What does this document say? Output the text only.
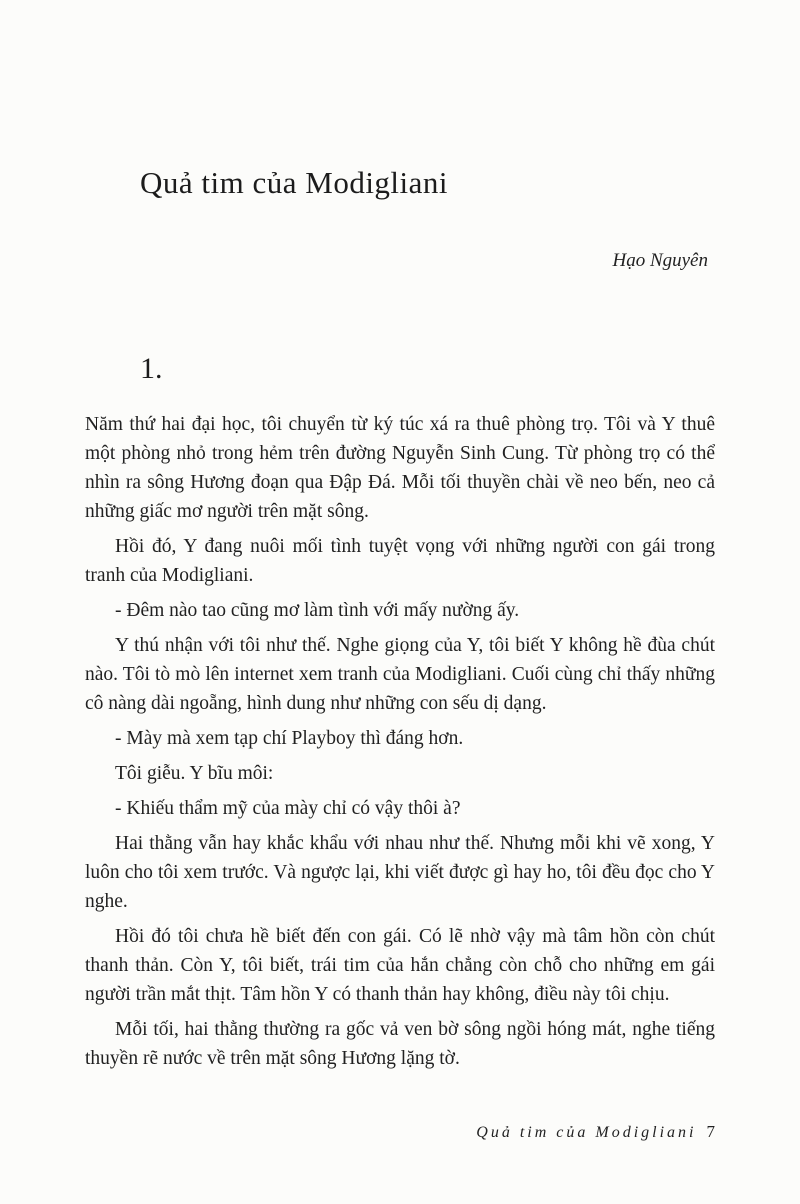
Quả tim của Modigliani
Hạo Nguyên
1.

Năm thứ hai đại học, tôi chuyển từ ký túc xá ra thuê phòng trọ. Tôi và Y thuê một phòng nhỏ trong hẻm trên đường Nguyễn Sinh Cung. Từ phòng trọ có thể nhìn ra sông Hương đoạn qua Đập Đá. Mỗi tối thuyền chài về neo bến, neo cả những giấc mơ người trên mặt sông.

Hồi đó, Y đang nuôi mối tình tuyệt vọng với những người con gái trong tranh của Modigliani.

- Đêm nào tao cũng mơ làm tình với mấy nường ấy.

Y thú nhận với tôi như thế. Nghe giọng của Y, tôi biết Y không hề đùa chút nào. Tôi tò mò lên internet xem tranh của Modigliani. Cuối cùng chỉ thấy những cô nàng dài ngoẵng, hình dung như những con sếu dị dạng.

- Mày mà xem tạp chí Playboy thì đáng hơn.

Tôi giễu. Y bĩu môi:

- Khiếu thẩm mỹ của mày chỉ có vậy thôi à?

Hai thằng vẫn hay khắc khẩu với nhau như thế. Nhưng mỗi khi vẽ xong, Y luôn cho tôi xem trước. Và ngược lại, khi viết được gì hay ho, tôi đều đọc cho Y nghe.

Hồi đó tôi chưa hề biết đến con gái. Có lẽ nhờ vậy mà tâm hồn còn chút thanh thản. Còn Y, tôi biết, trái tim của hắn chẳng còn chỗ cho những em gái người trần mắt thịt. Tâm hồn Y có thanh thản hay không, điều này tôi chịu.

Mỗi tối, hai thằng thường ra gốc vả ven bờ sông ngồi hóng mát, nghe tiếng thuyền rẽ nước về trên mặt sông Hương lặng tờ.

Quả tim của Modigliani 7
